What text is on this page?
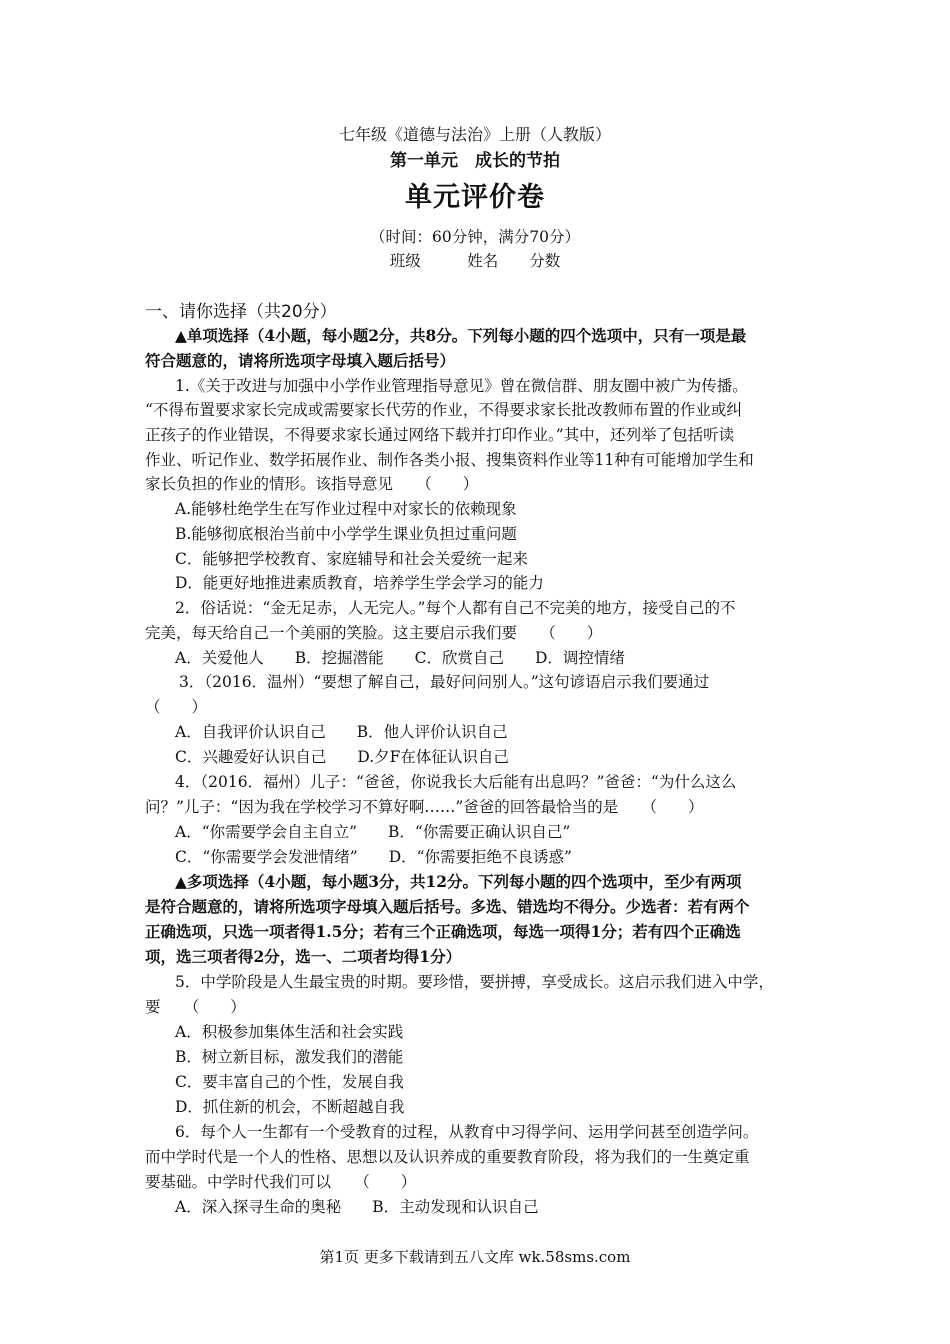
七年级《道德与法治》上册（人教版）
第一单元　成长的节拍
单元评价卷
（时间：60分钟，满分70分）
班级　　　姓名　　分数
一、请你选择（共20分）
▲单项选择（4小题，每小题2分，共8分。下列每小题的四个选项中，只有一项是最
符合题意的，请将所选项字母填入题后括号）
1.《关于改进与加强中小学作业管理指导意见》曾在微信群、朋友圈中被广为传播。
“不得布置要求家长完成或需要家长代劳的作业，不得要求家长批改教师布置的作业或纠
正孩子的作业错误，不得要求家长通过网络下载并打印作业。”其中，还列举了包括听读
作业、听记作业、数学拓展作业、制作各类小报、搜集资料作业等11种有可能增加学生和
家长负担的作业的情形。该指导意见　　（　　）
A.能够杜绝学生在写作业过程中对家长的依赖现象
B.能够彻底根治当前中小学学生课业负担过重问题
C．能够把学校教育、家庭辅导和社会关爱统一起来
D．能更好地推进素质教育，培养学生学会学习的能力
2．俗话说：“金无足赤，人无完人。”每个人都有自己不完美的地方，接受自己的不
完美，每天给自己一个美丽的笑脸。这主要启示我们要　　（　　）
A．关爱他人　　B．挖掘潜能　　C．欣赏自己　　D．调控情绪
3．（2016．温州）“要想了解自己，最好问问别人。”这句谚语启示我们要通过
（　　）
A．自我评价认识自己　　B．他人评价认识自己
C．兴趣爱好认识自己　　D.夕F在体征认识自己
4．（2016．福州）儿子：“爸爸，你说我长大后能有出息吗？”爸爸：“为什么这么
问？”儿子：“因为我在学校学习不算好啊……”爸爸的回答最恰当的是　　（　　）
A．“你需要学会自主自立”　　B．“你需要正确认识自己”
C．“你需要学会发泄情绪”　　D．“你需要拒绝不良诱惑”
▲多项选择（4小题，每小题3分，共12分。下列每小题的四个选项中，至少有两项
是符合题意的，请将所选项字母填入题后括号。多选、错选均不得分。少选者：若有两个
正确选项，只选一项者得1.5分；若有三个正确选项，每选一项得1分；若有四个正确选
项，选三项者得2分，选一、二项者均得1分）
5．中学阶段是人生最宝贵的时期。要珍惜，要拼搏，享受成长。这启示我们进入中学，
要　　（　　）
A．积极参加集体生活和社会实践
B．树立新目标，激发我们的潜能
C．要丰富自己的个性，发展自我
D．抓住新的机会，不断超越自我
6．每个人一生都有一个受教育的过程，从教育中习得学问、运用学问甚至创造学问。
而中学时代是一个人的性格、思想以及认识养成的重要教育阶段，将为我们的一生奠定重
要基础。中学时代我们可以　　（　　）
A．深入探寻生命的奥秘　　B．主动发现和认识自己
第1页 更多下载请到五八文库 wk.58sms.com
